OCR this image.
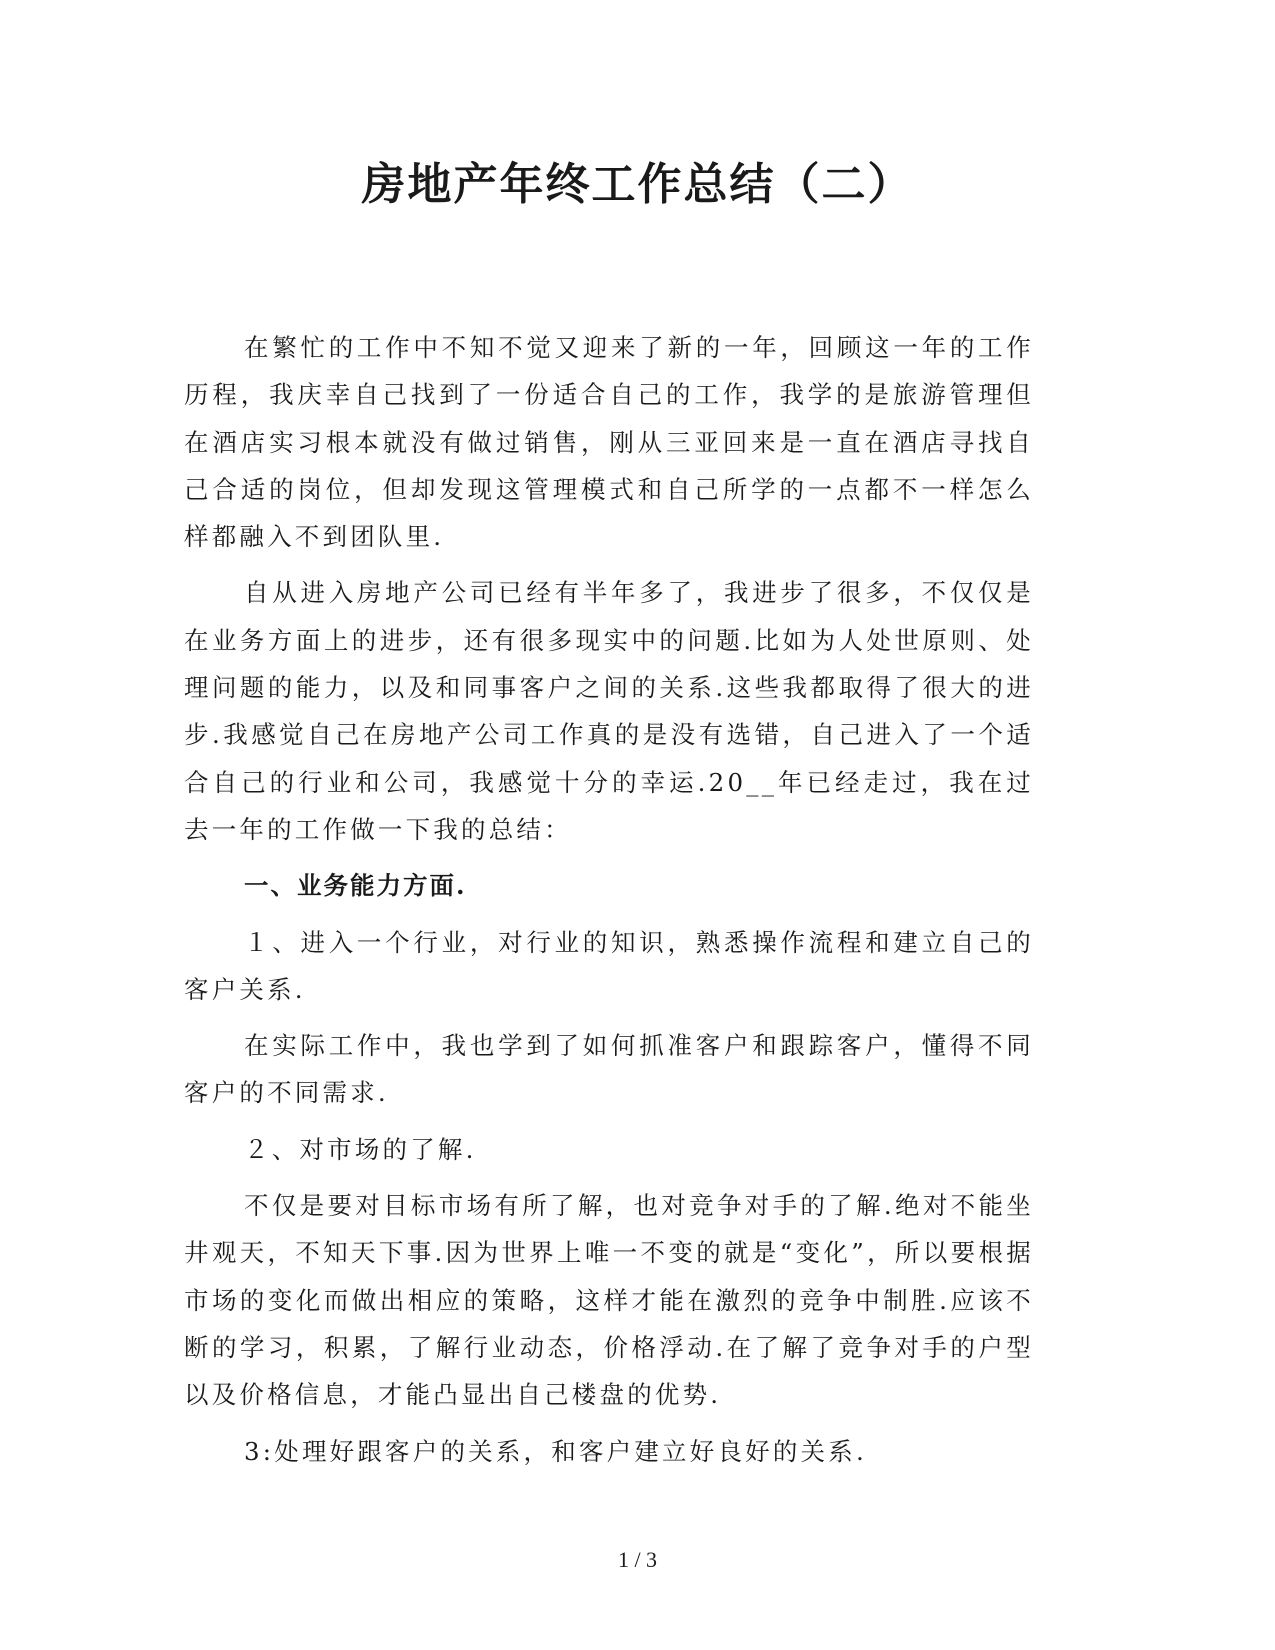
房地产年终工作总结（二）

在繁忙的工作中不知不觉又迎来了新的一年，回顾这一年的工作历程，我庆幸自己找到了一份适合自己的工作，我学的是旅游管理但在酒店实习根本就没有做过销售，刚从三亚回来是一直在酒店寻找自己合适的岗位，但却发现这管理模式和自己所学的一点都不一样怎么样都融入不到团队里.

自从进入房地产公司已经有半年多了，我进步了很多，不仅仅是在业务方面上的进步，还有很多现实中的问题.比如为人处世原则、处理问题的能力，以及和同事客户之间的关系.这些我都取得了很大的进步.我感觉自己在房地产公司工作真的是没有选错，自己进入了一个适合自己的行业和公司，我感觉十分的幸运.20__年已经走过，我在过去一年的工作做一下我的总结：

一、业务能力方面.

１、进入一个行业，对行业的知识，熟悉操作流程和建立自己的客户关系.

在实际工作中，我也学到了如何抓准客户和跟踪客户，懂得不同客户的不同需求.

２、对市场的了解.

不仅是要对目标市场有所了解，也对竞争对手的了解.绝对不能坐井观天，不知天下事.因为世界上唯一不变的就是“变化”，所以要根据市场的变化而做出相应的策略，这样才能在激烈的竞争中制胜.应该不断的学习，积累，了解行业动态，价格浮动.在了解了竞争对手的户型以及价格信息，才能凸显出自己楼盘的优势.

3:处理好跟客户的关系，和客户建立好良好的关系.

1 / 3
